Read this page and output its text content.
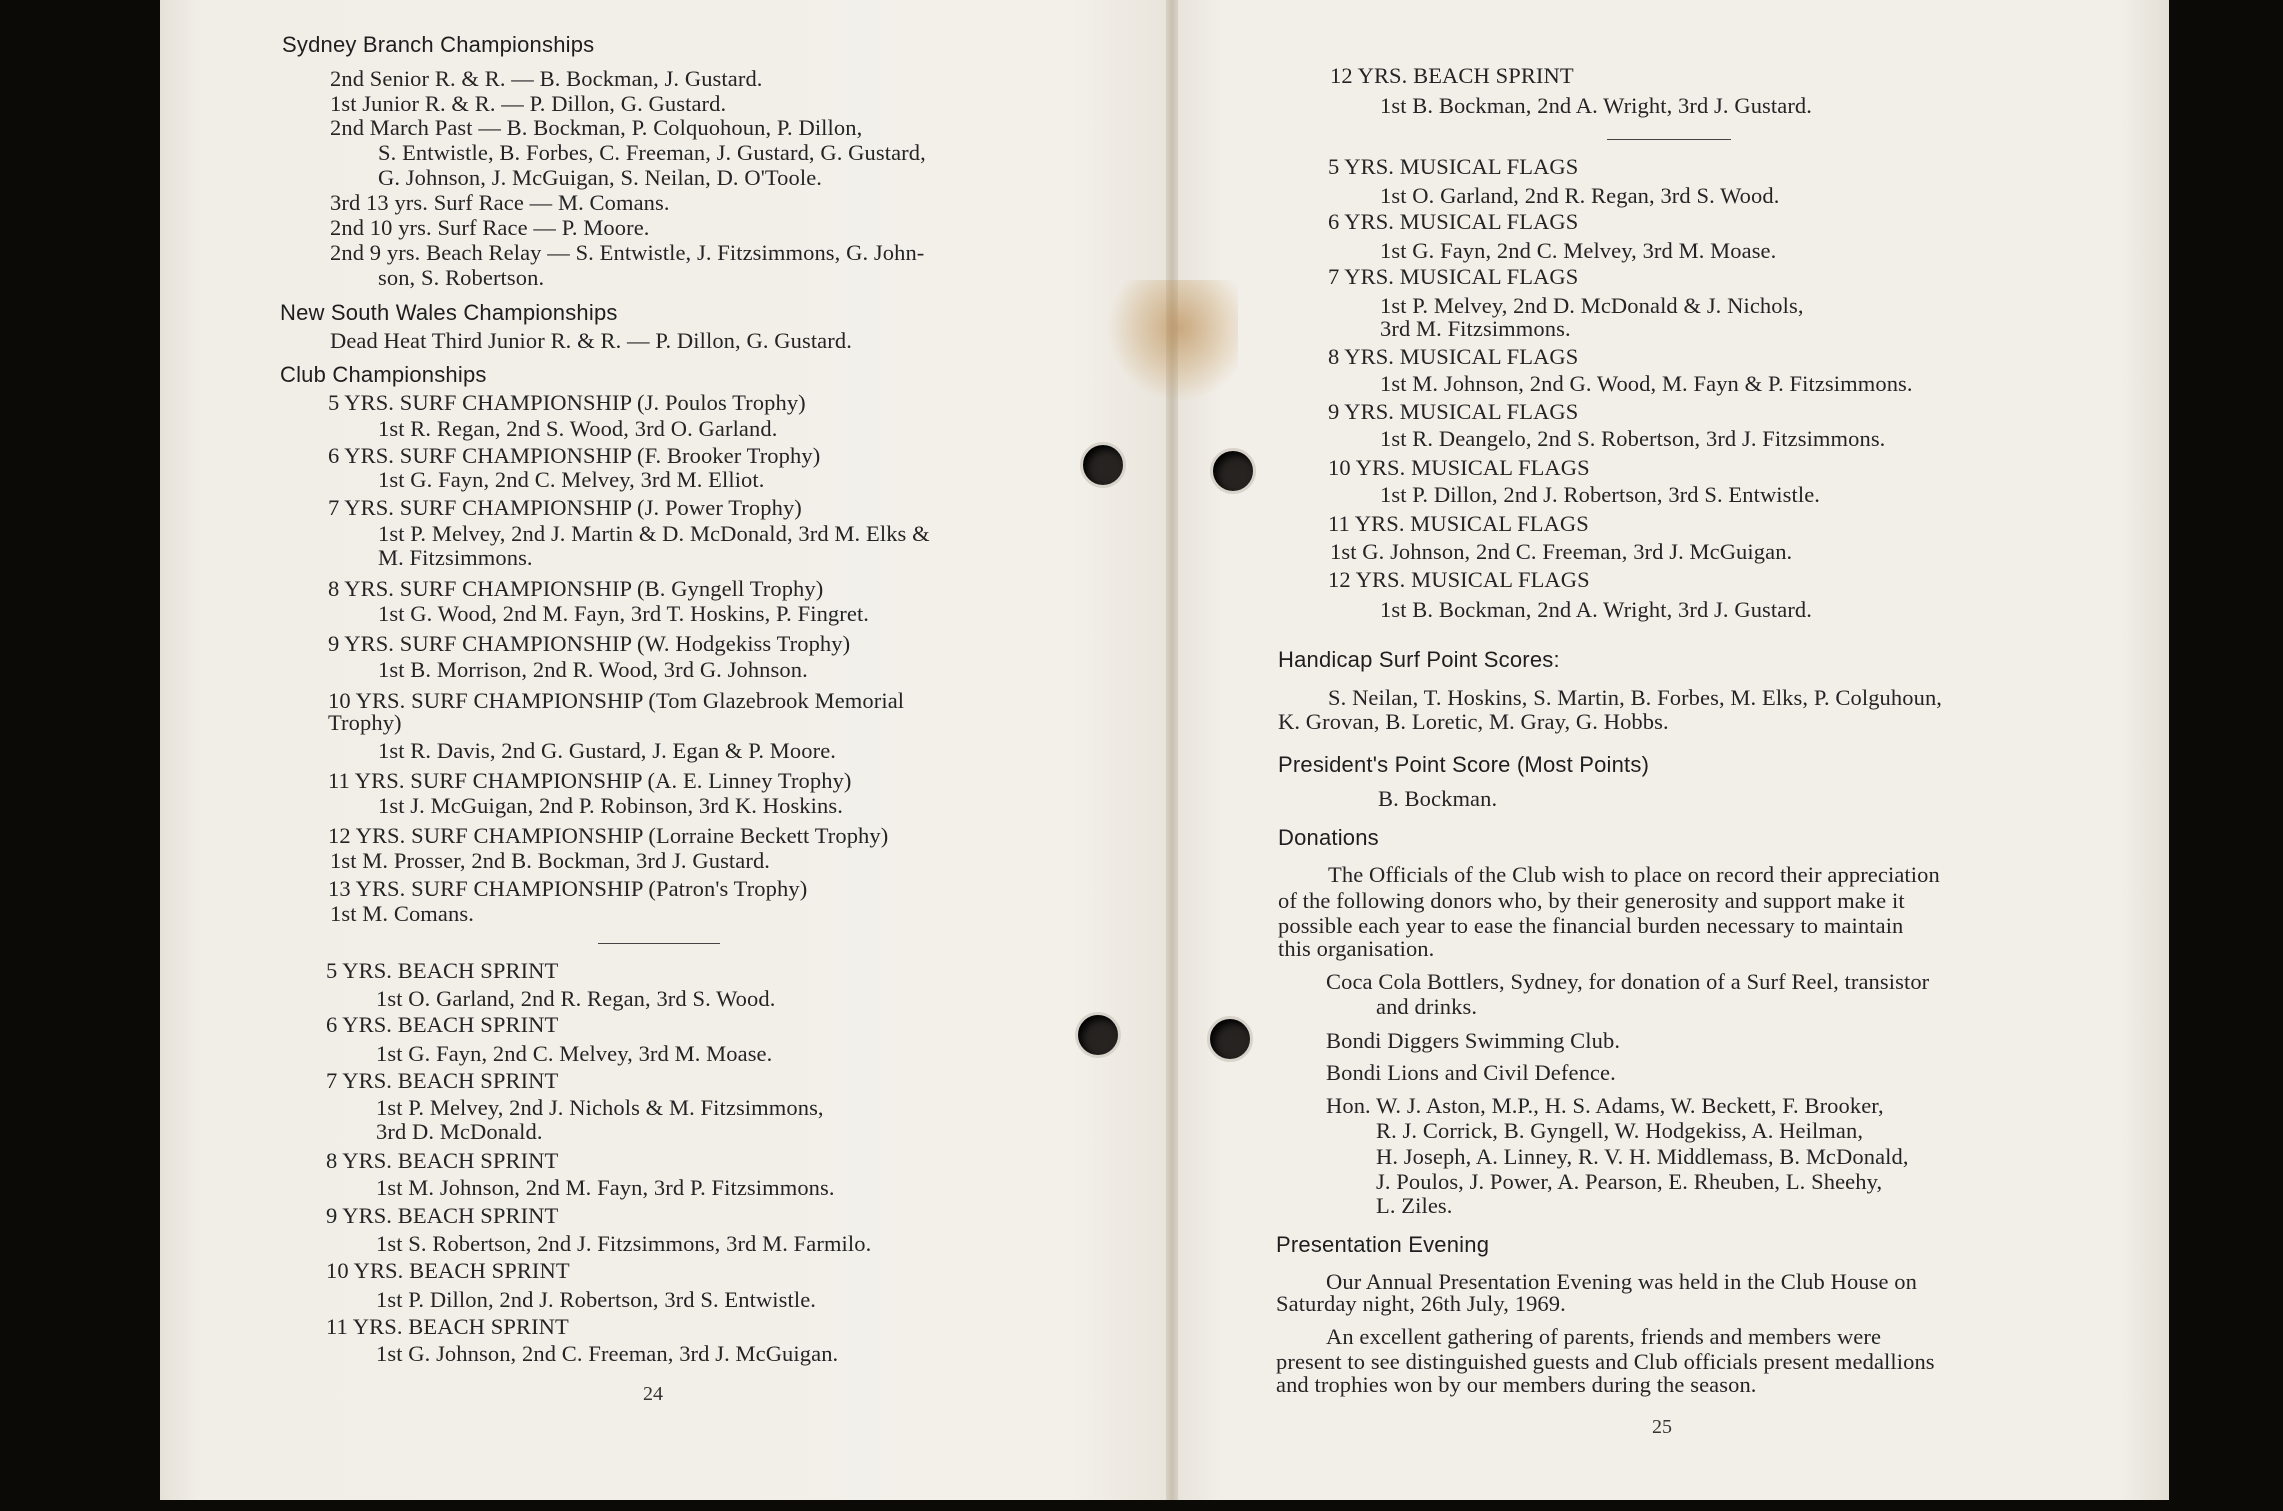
Sydney Branch Championships
2nd Senior R. & R. — B. Bockman, J. Gustard.
1st Junior R. & R. — P. Dillon, G. Gustard.
2nd March Past — B. Bockman, P. Colquohoun, P. Dillon,
S. Entwistle, B. Forbes, C. Freeman, J. Gustard, G. Gustard,
G. Johnson, J. McGuigan, S. Neilan, D. O'Toole.
3rd 13 yrs. Surf Race — M. Comans.
2nd 10 yrs. Surf Race — P. Moore.
2nd 9 yrs. Beach Relay — S. Entwistle, J. Fitzsimmons, G. John-
son, S. Robertson.
New South Wales Championships
Dead Heat Third Junior R. & R. — P. Dillon, G. Gustard.
Club Championships
5 YRS. SURF CHAMPIONSHIP (J. Poulos Trophy)
1st R. Regan, 2nd S. Wood, 3rd O. Garland.
6 YRS. SURF CHAMPIONSHIP (F. Brooker Trophy)
1st G. Fayn, 2nd C. Melvey, 3rd M. Elliot.
7 YRS. SURF CHAMPIONSHIP (J. Power Trophy)
1st P. Melvey, 2nd J. Martin & D. McDonald, 3rd M. Elks &
M. Fitzsimmons.
8 YRS. SURF CHAMPIONSHIP (B. Gyngell Trophy)
1st G. Wood, 2nd M. Fayn, 3rd T. Hoskins, P. Fingret.
9 YRS. SURF CHAMPIONSHIP (W. Hodgekiss Trophy)
1st B. Morrison, 2nd R. Wood, 3rd G. Johnson.
10 YRS. SURF CHAMPIONSHIP (Tom Glazebrook Memorial
Trophy)
1st R. Davis, 2nd G. Gustard, J. Egan & P. Moore.
11 YRS. SURF CHAMPIONSHIP (A. E. Linney Trophy)
1st J. McGuigan, 2nd P. Robinson, 3rd K. Hoskins.
12 YRS. SURF CHAMPIONSHIP (Lorraine Beckett Trophy)
1st M. Prosser, 2nd B. Bockman, 3rd J. Gustard.
13 YRS. SURF CHAMPIONSHIP (Patron's Trophy)
1st M. Comans.
5 YRS. BEACH SPRINT
1st O. Garland, 2nd R. Regan, 3rd S. Wood.
6 YRS. BEACH SPRINT
1st G. Fayn, 2nd C. Melvey, 3rd M. Moase.
7 YRS. BEACH SPRINT
1st P. Melvey, 2nd J. Nichols & M. Fitzsimmons,
3rd D. McDonald.
8 YRS. BEACH SPRINT
1st M. Johnson, 2nd M. Fayn, 3rd P. Fitzsimmons.
9 YRS. BEACH SPRINT
1st S. Robertson, 2nd J. Fitzsimmons, 3rd M. Farmilo.
10 YRS. BEACH SPRINT
1st P. Dillon, 2nd J. Robertson, 3rd S. Entwistle.
11 YRS. BEACH SPRINT
1st G. Johnson, 2nd C. Freeman, 3rd J. McGuigan.
24
12 YRS. BEACH SPRINT
1st B. Bockman, 2nd A. Wright, 3rd J. Gustard.
5 YRS. MUSICAL FLAGS
1st O. Garland, 2nd R. Regan, 3rd S. Wood.
6 YRS. MUSICAL FLAGS
1st G. Fayn, 2nd C. Melvey, 3rd M. Moase.
7 YRS. MUSICAL FLAGS
1st P. Melvey, 2nd D. McDonald & J. Nichols,
3rd M. Fitzsimmons.
8 YRS. MUSICAL FLAGS
1st M. Johnson, 2nd G. Wood, M. Fayn & P. Fitzsimmons.
9 YRS. MUSICAL FLAGS
1st R. Deangelo, 2nd S. Robertson, 3rd J. Fitzsimmons.
10 YRS. MUSICAL FLAGS
1st P. Dillon, 2nd J. Robertson, 3rd S. Entwistle.
11 YRS. MUSICAL FLAGS
1st G. Johnson, 2nd C. Freeman, 3rd J. McGuigan.
12 YRS. MUSICAL FLAGS
1st B. Bockman, 2nd A. Wright, 3rd J. Gustard.
Handicap Surf Point Scores:
S. Neilan, T. Hoskins, S. Martin, B. Forbes, M. Elks, P. Colguhoun,
K. Grovan, B. Loretic, M. Gray, G. Hobbs.
President's Point Score (Most Points)
B. Bockman.
Donations
The Officials of the Club wish to place on record their appreciation
of the following donors who, by their generosity and support make it
possible each year to ease the financial burden necessary to maintain
this organisation.
Coca Cola Bottlers, Sydney, for donation of a Surf Reel, transistor
and drinks.
Bondi Diggers Swimming Club.
Bondi Lions and Civil Defence.
Hon. W. J. Aston, M.P., H. S. Adams, W. Beckett, F. Brooker,
R. J. Corrick, B. Gyngell, W. Hodgekiss, A. Heilman,
H. Joseph, A. Linney, R. V. H. Middlemass, B. McDonald,
J. Poulos, J. Power, A. Pearson, E. Rheuben, L. Sheehy,
L. Ziles.
Presentation Evening
Our Annual Presentation Evening was held in the Club House on
Saturday night, 26th July, 1969.
An excellent gathering of parents, friends and members were
present to see distinguished guests and Club officials present medallions
and trophies won by our members during the season.
25
